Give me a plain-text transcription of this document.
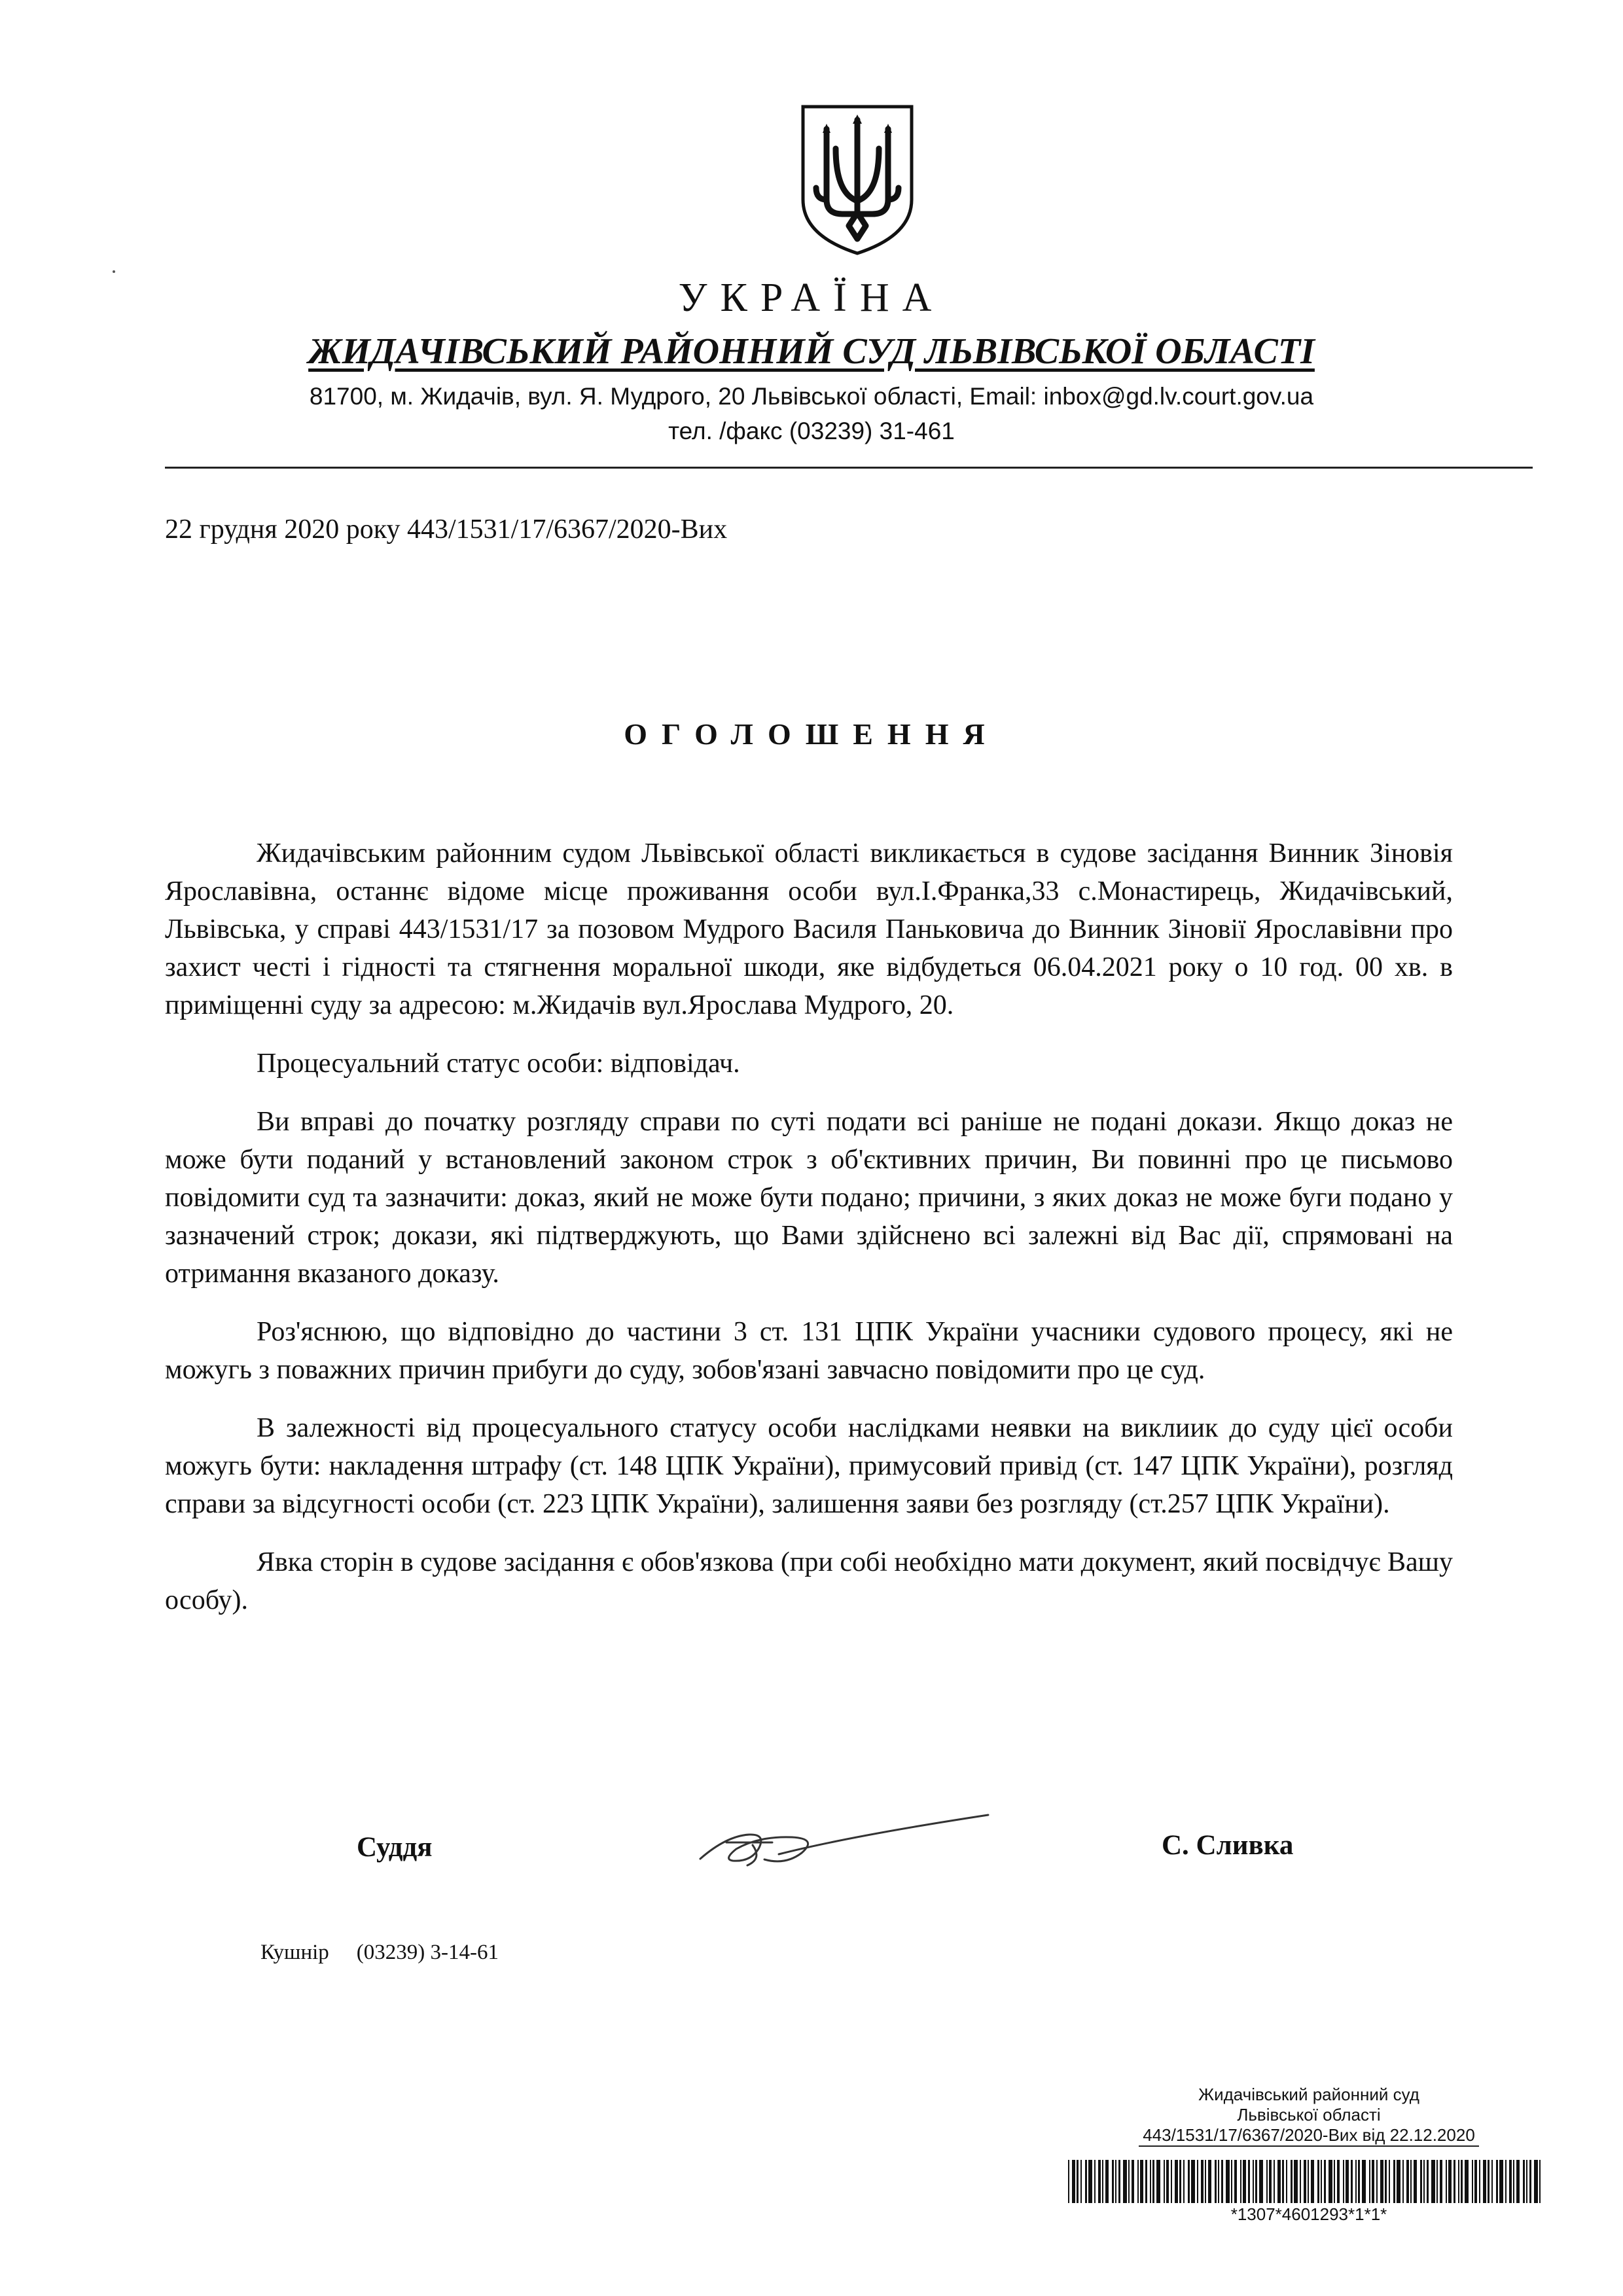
УКРАЇНА
ЖИДАЧІВСЬКИЙ РАЙОННИЙ СУД ЛЬВІВСЬКОЇ ОБЛАСТІ
81700, м. Жидачів, вул. Я. Мудрого, 20 Львівської області, Email: inbox@gd.lv.court.gov.ua
тел. /факс (03239) 31-461
22 грудня 2020 року 443/1531/17/6367/2020-Вих
ОГОЛОШЕННЯ

Жидачівським районним судом Львівської області викликається в судове засідання Винник Зіновія Ярославівна, останнє відоме місце проживання особи вул.І.Франка,33 с.Монастирець, Жидачівський, Львівська, у справі 443/1531/17 за позовом Мудрого Василя Паньковича до Винник Зіновії Ярославівни про захист честі і гідності та стягнення моральної шкоди, яке відбудеться 06.04.2021 року о 10 год. 00 хв. в приміщенні суду за адресою: м.Жидачів вул.Ярослава Мудрого, 20.

Процесуальний статус особи: відповідач.

Ви вправі до початку розгляду справи по суті подати всі раніше не подані докази. Якщо доказ не може бути поданий у встановлений законом строк з об'єктивних причин, Ви повинні про це письмово повідомити суд та зазначити: доказ, який не може бути подано; причини, з яких доказ не може буги подано у зазначений строк; докази, які підтверджують, що Вами здійснено всі залежні від Вас дії, спрямовані на отримання вказаного доказу.

Роз'яснюю, що відповідно до частини 3 ст. 131 ЦПК України учасники судового процесу, які не можугь з поважних причин прибуги до суду, зобов'язані завчасно повідомити про це суд.

В залежності від процесуального статусу особи наслідками неявки на виклиик до суду цієї особи можугь бути: накладення штрафу (ст. 148 ЦПК України), примусовий привід (ст. 147 ЦПК України), розгляд справи за відсугності особи (ст. 223 ЦПК України), залишення заяви без розгляду (ст.257 ЦПК України).

Явка сторін в судове засідання є обов'язкова (при собі необхідно мати документ, який посвідчує Вашу особу).

Суддя	С. Сливка
Кушнір (03239) 3-14-61
Жидачівський районний суд
Львівської області
443/1531/17/6367/2020-Вих від 22.12.2020
*1307*4601293*1*1*
